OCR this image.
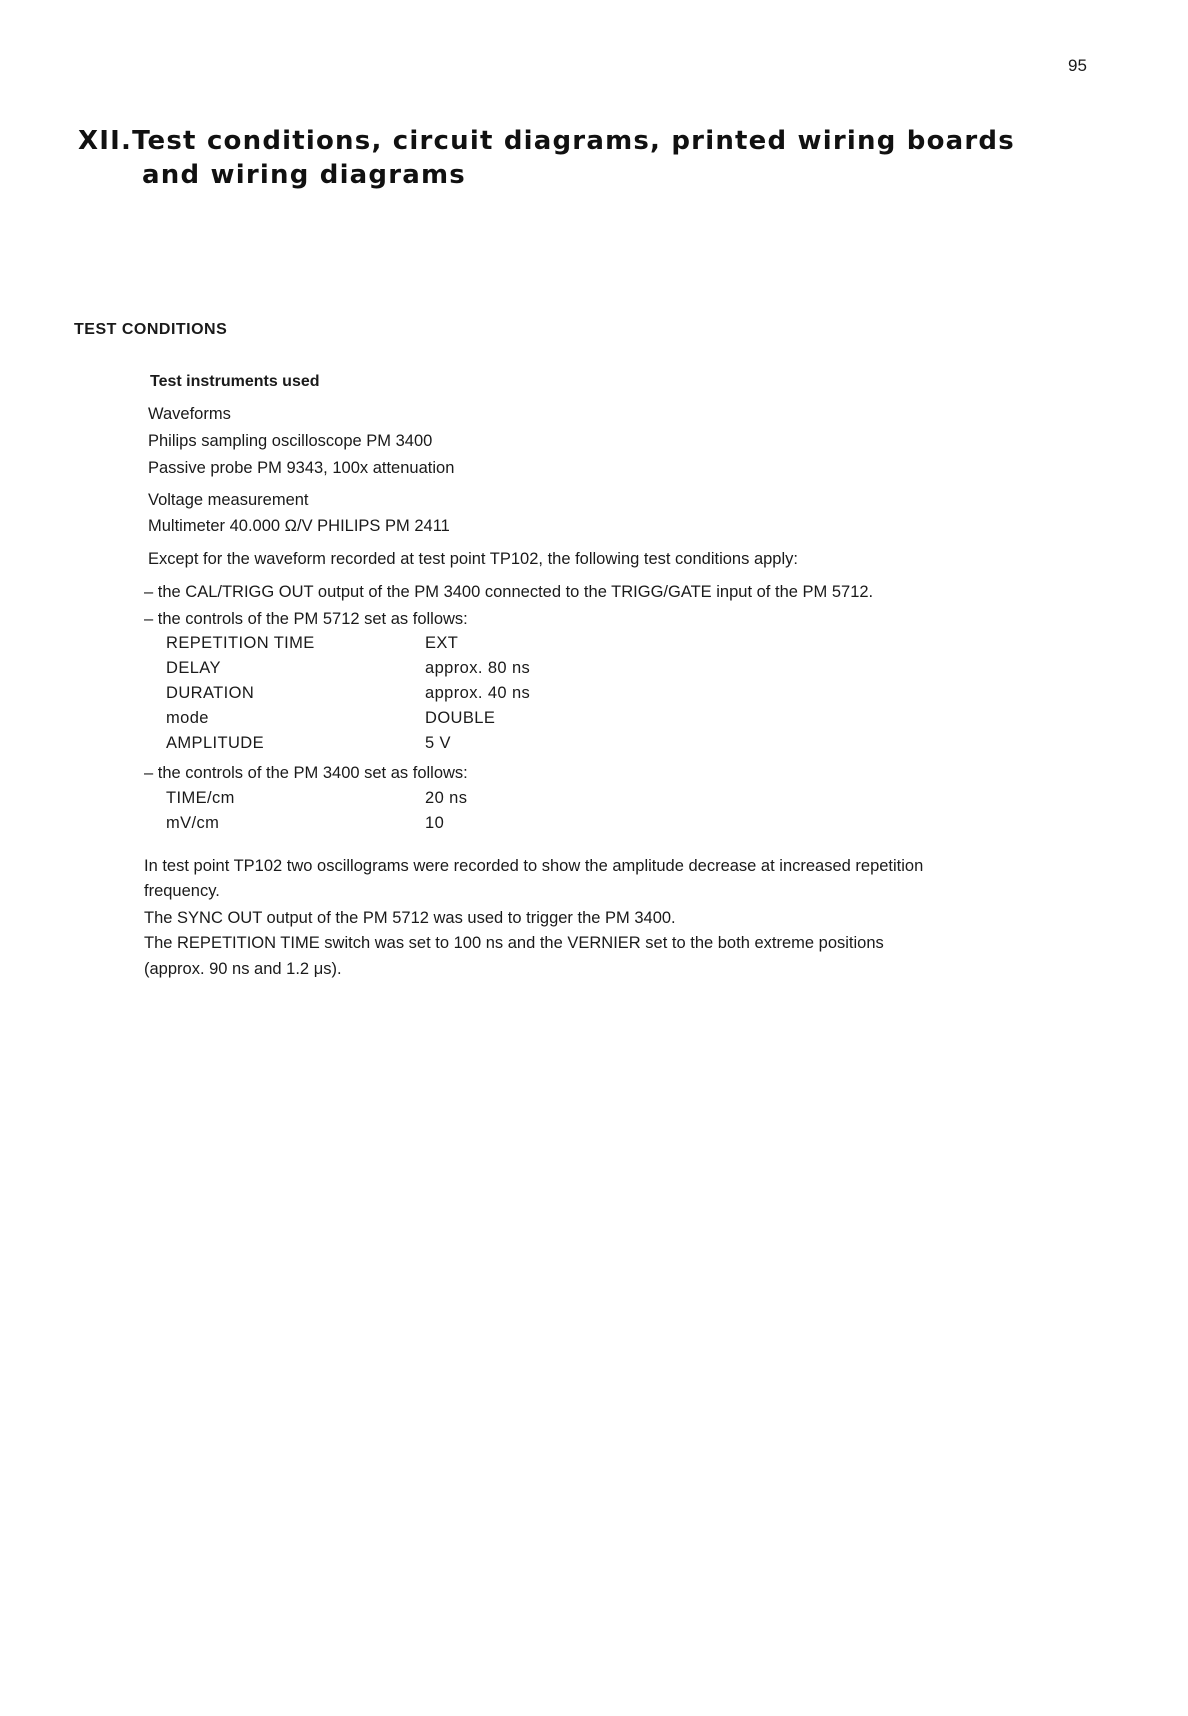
95
XII.Test conditions, circuit diagrams, printed wiring boards
and wiring diagrams
TEST CONDITIONS
Test instruments used
Waveforms
Philips sampling oscilloscope PM 3400
Passive probe PM 9343, 100x attenuation
Voltage measurement
Multimeter 40.000 Ω/V PHILIPS PM 2411
Except for the waveform recorded at test point TP102, the following test conditions apply:
– the CAL/TRIGG OUT output of the PM 3400 connected to the TRIGG/GATE input of the PM 5712.
– the controls of the PM 5712 set as follows:
REPETITION TIME	EXT
DELAY	approx. 80 ns
DURATION	approx. 40 ns
mode	DOUBLE
AMPLITUDE	5 V
– the controls of the PM 3400 set as follows:
TIME/cm	20 ns
mV/cm	10
In test point TP102 two oscillograms were recorded to show the amplitude decrease at increased repetition
frequency.
The SYNC OUT output of the PM 5712 was used to trigger the PM 3400.
The REPETITION TIME switch was set to 100 ns and the VERNIER set to the both extreme positions
(approx. 90 ns and 1.2 μs).
